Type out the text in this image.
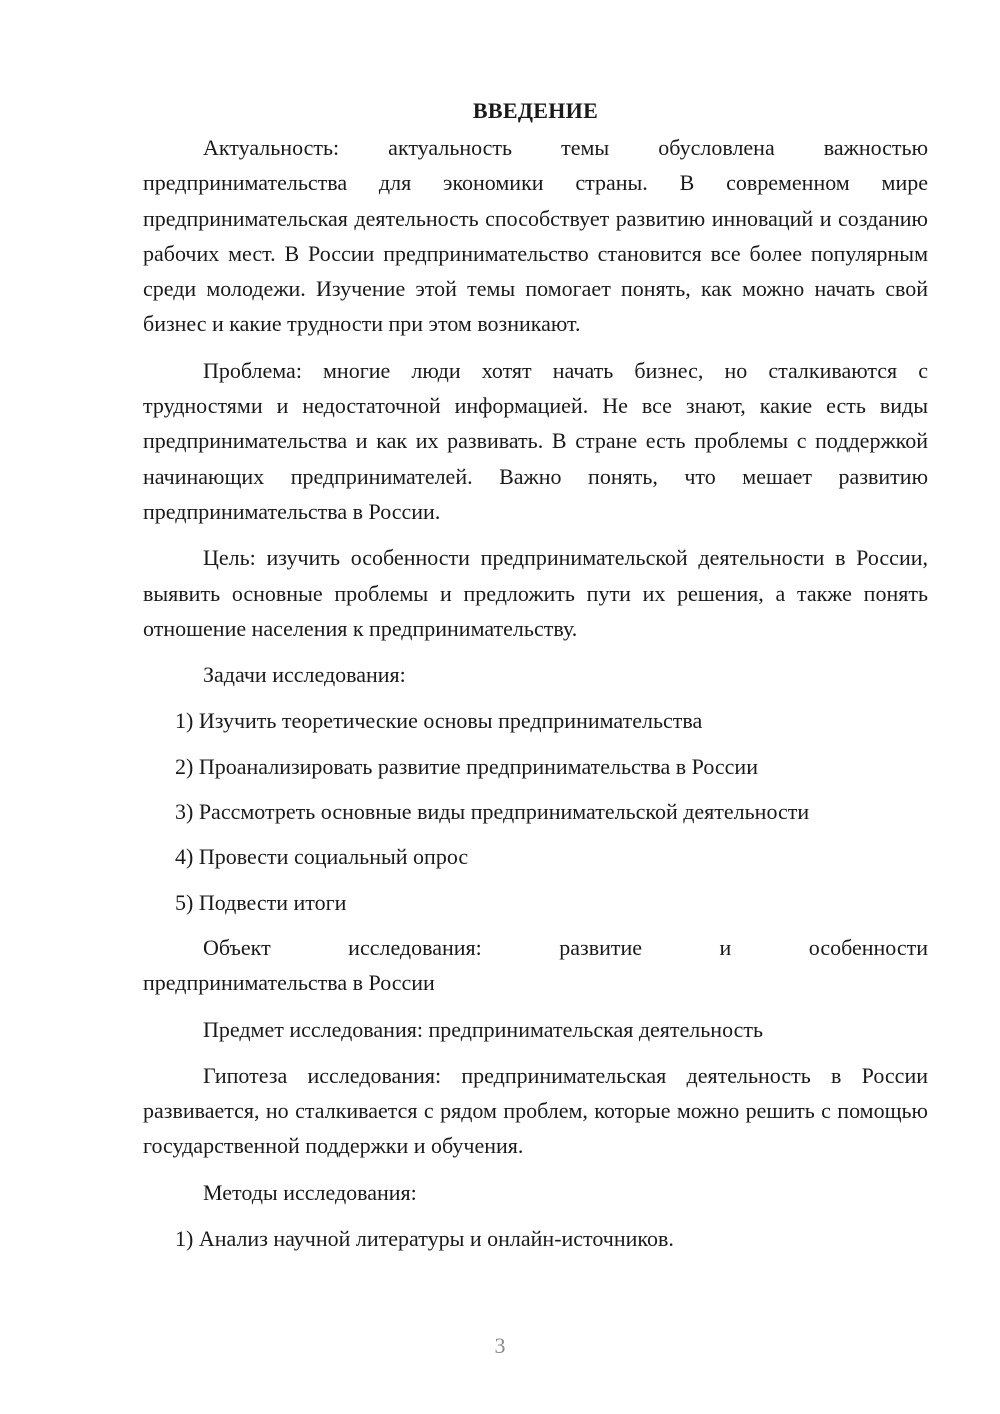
ВВЕДЕНИЕ

Актуальность: актуальность темы обусловлена важностью предпринимательства для экономики страны. В современном мире предпринимательская деятельность способствует развитию инноваций и созданию рабочих мест. В России предпринимательство становится все более популярным среди молодежи. Изучение этой темы помогает понять, как можно начать свой бизнес и какие трудности при этом возникают.

Проблема: многие люди хотят начать бизнес, но сталкиваются с трудностями и недостаточной информацией. Не все знают, какие есть виды предпринимательства и как их развивать. В стране есть проблемы с поддержкой начинающих предпринимателей. Важно понять, что мешает развитию предпринимательства в России.

Цель: изучить особенности предпринимательской деятельности в России, выявить основные проблемы и предложить пути их решения, а также понять отношение населения к предпринимательству.

Задачи исследования:

1) Изучить теоретические основы предпринимательства
2) Проанализировать развитие предпринимательства в России
3) Рассмотреть основные виды предпринимательской деятельности
4) Провести социальный опрос
5) Подвести итоги
Объект исследования: развитие и особенности
предпринимательства в России

Предмет исследования: предпринимательская деятельность

Гипотеза исследования: предпринимательская деятельность в России развивается, но сталкивается с рядом проблем, которые можно решить с помощью государственной поддержки и обучения.

Методы исследования:

1) Анализ научной литературы и онлайн-источников.
3
